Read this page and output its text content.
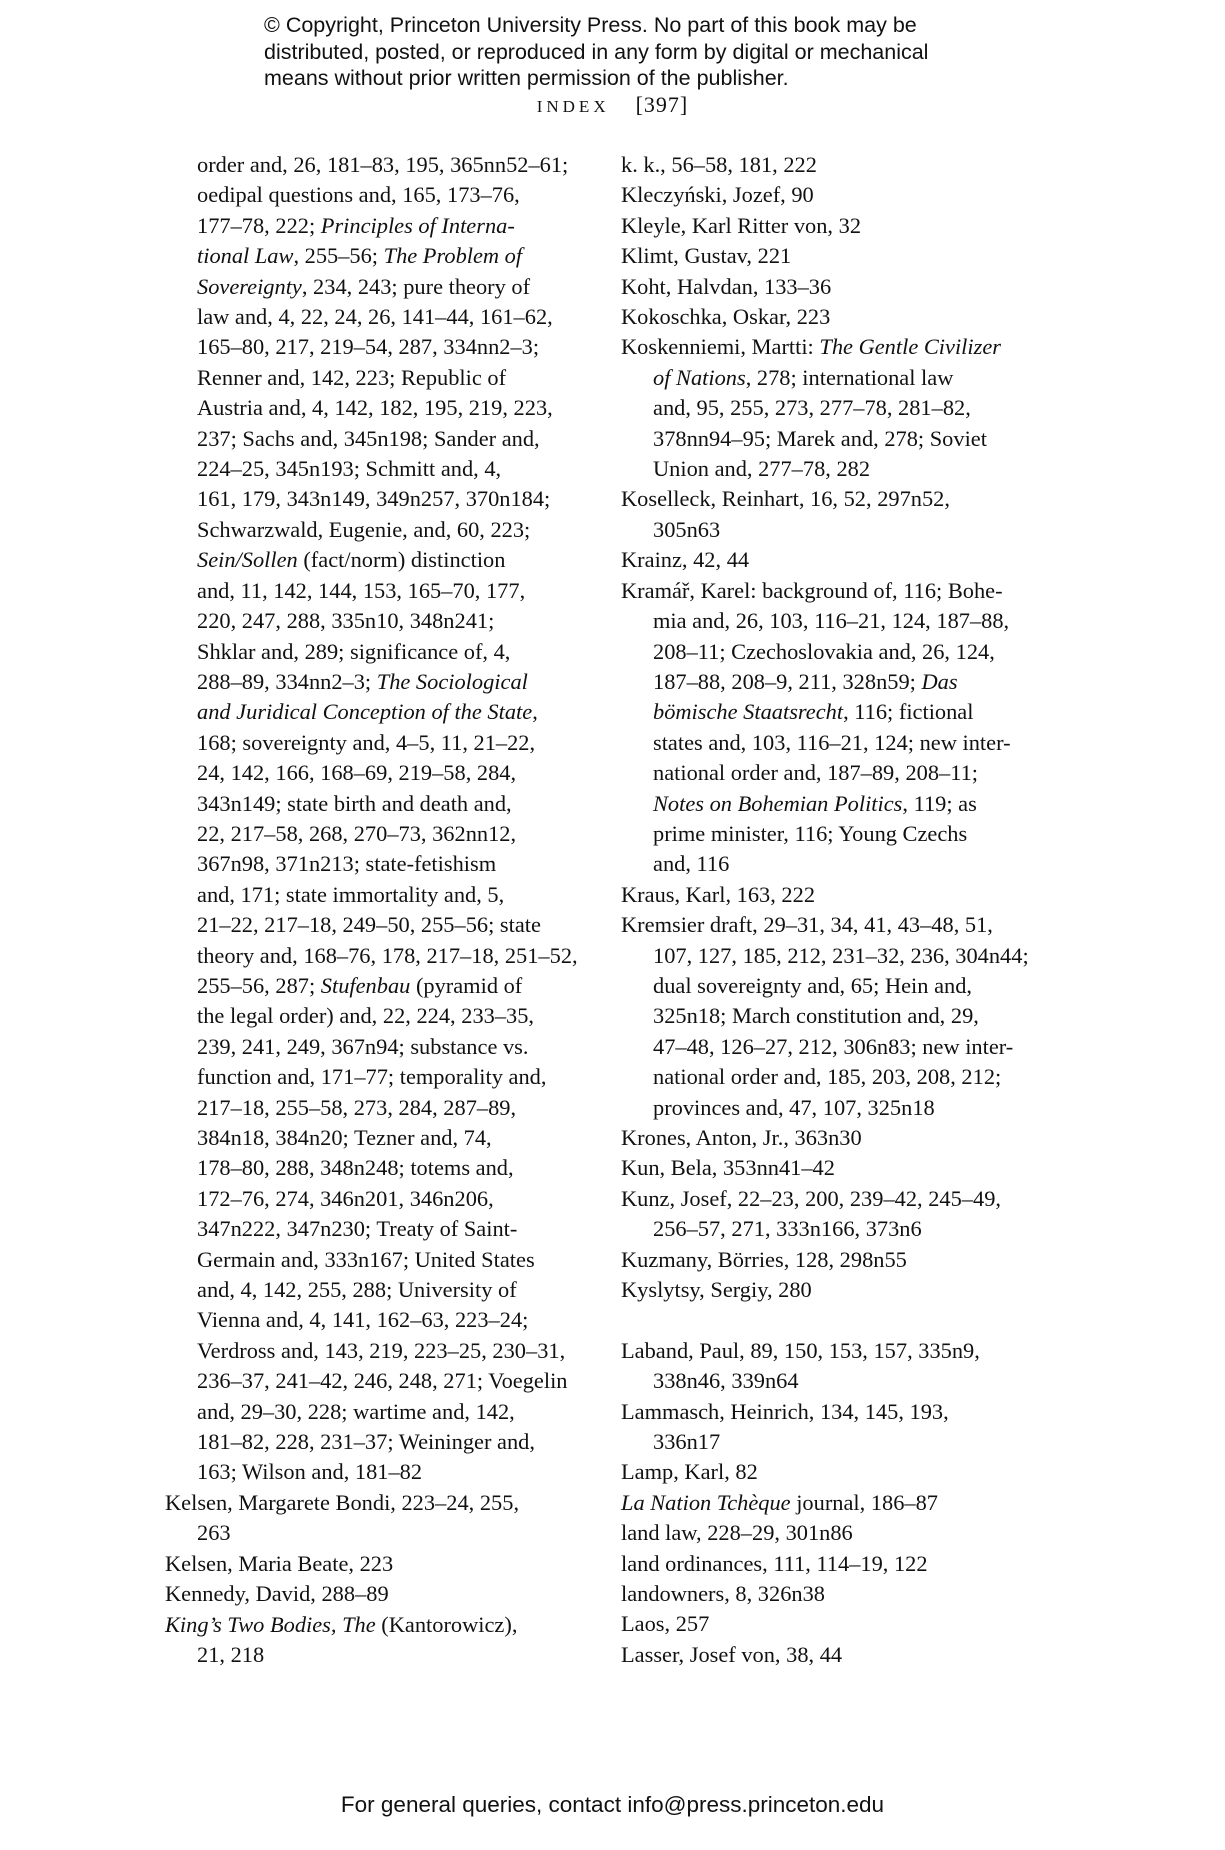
© Copyright, Princeton University Press. No part of this book may be
distributed, posted, or reproduced in any form by digital or mechanical
means without prior written permission of the publisher.
INDEX [397]
order and, 26, 181–83, 195, 365nn52–61;
oedipal questions and, 165, 173–76,
177–78, 222; Principles of Interna-
tional Law, 255–56; The Problem of
Sovereignty, 234, 243; pure theory of
law and, 4, 22, 24, 26, 141–44, 161–62,
165–80, 217, 219–54, 287, 334nn2–3;
Renner and, 142, 223; Republic of
Austria and, 4, 142, 182, 195, 219, 223,
237; Sachs and, 345n198; Sander and,
224–25, 345n193; Schmitt and, 4,
161, 179, 343n149, 349n257, 370n184;
Schwarzwald, Eugenie, and, 60, 223;
Sein/Sollen (fact/norm) distinction
and, 11, 142, 144, 153, 165–70, 177,
220, 247, 288, 335n10, 348n241;
Shklar and, 289; significance of, 4,
288–89, 334nn2–3; The Sociological
and Juridical Conception of the State,
168; sovereignty and, 4–5, 11, 21–22,
24, 142, 166, 168–69, 219–58, 284,
343n149; state birth and death and,
22, 217–58, 268, 270–73, 362nn12,
367n98, 371n213; state-fetishism
and, 171; state immortality and, 5,
21–22, 217–18, 249–50, 255–56; state
theory and, 168–76, 178, 217–18, 251–52,
255–56, 287; Stufenbau (pyramid of
the legal order) and, 22, 224, 233–35,
239, 241, 249, 367n94; substance vs.
function and, 171–77; temporality and,
217–18, 255–58, 273, 284, 287–89,
384n18, 384n20; Tezner and, 74,
178–80, 288, 348n248; totems and,
172–76, 274, 346n201, 346n206,
347n222, 347n230; Treaty of Saint-
Germain and, 333n167; United States
and, 4, 142, 255, 288; University of
Vienna and, 4, 141, 162–63, 223–24;
Verdross and, 143, 219, 223–25, 230–31,
236–37, 241–42, 246, 248, 271; Voegelin
and, 29–30, 228; wartime and, 142,
181–82, 228, 231–37; Weininger and,
163; Wilson and, 181–82
Kelsen, Margarete Bondi, 223–24, 255,
263
Kelsen, Maria Beate, 223
Kennedy, David, 288–89
King’s Two Bodies, The (Kantorowicz),
21, 218
k. k., 56–58, 181, 222
Kleczyński, Jozef, 90
Kleyle, Karl Ritter von, 32
Klimt, Gustav, 221
Koht, Halvdan, 133–36
Kokoschka, Oskar, 223
Koskenniemi, Martti: The Gentle Civilizer
of Nations, 278; international law
and, 95, 255, 273, 277–78, 281–82,
378nn94–95; Marek and, 278; Soviet
Union and, 277–78, 282
Koselleck, Reinhart, 16, 52, 297n52,
305n63
Krainz, 42, 44
Kramář, Karel: background of, 116; Bohe-
mia and, 26, 103, 116–21, 124, 187–88,
208–11; Czechoslovakia and, 26, 124,
187–88, 208–9, 211, 328n59; Das
bömische Staatsrecht, 116; fictional
states and, 103, 116–21, 124; new inter-
national order and, 187–89, 208–11;
Notes on Bohemian Politics, 119; as
prime minister, 116; Young Czechs
and, 116
Kraus, Karl, 163, 222
Kremsier draft, 29–31, 34, 41, 43–48, 51,
107, 127, 185, 212, 231–32, 236, 304n44;
dual sovereignty and, 65; Hein and,
325n18; March constitution and, 29,
47–48, 126–27, 212, 306n83; new inter-
national order and, 185, 203, 208, 212;
provinces and, 47, 107, 325n18
Krones, Anton, Jr., 363n30
Kun, Bela, 353nn41–42
Kunz, Josef, 22–23, 200, 239–42, 245–49,
256–57, 271, 333n166, 373n6
Kuzmany, Börries, 128, 298n55
Kyslytsy, Sergiy, 280
Laband, Paul, 89, 150, 153, 157, 335n9,
338n46, 339n64
Lammasch, Heinrich, 134, 145, 193,
336n17
Lamp, Karl, 82
La Nation Tchèque journal, 186–87
land law, 228–29, 301n86
land ordinances, 111, 114–19, 122
landowners, 8, 326n38
Laos, 257
Lasser, Josef von, 38, 44
For general queries, contact info@press.princeton.edu
